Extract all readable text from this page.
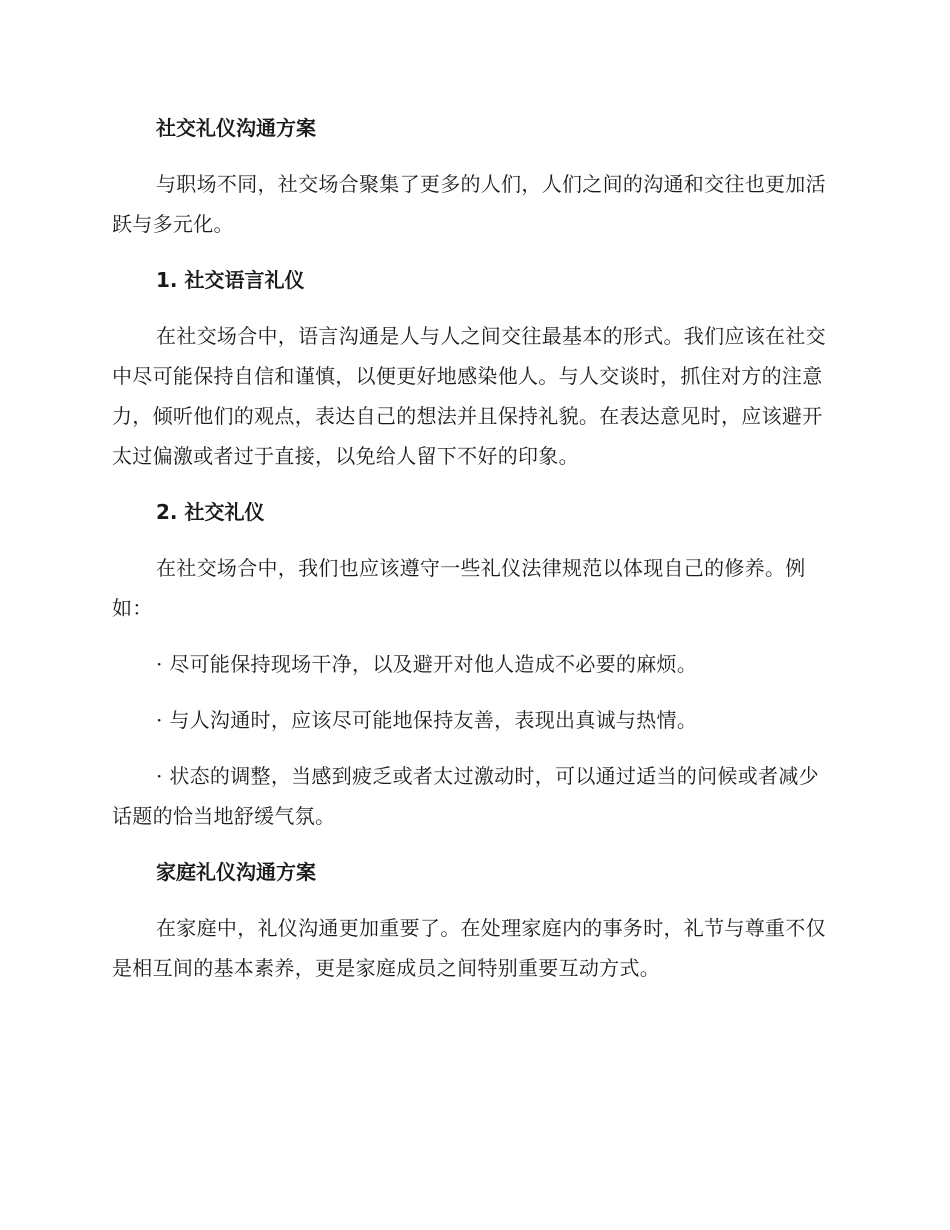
社交礼仪沟通方案

与职场不同，社交场合聚集了更多的人们，人们之间的沟通和交往也更加活跃与多元化。

1. 社交语言礼仪

在社交场合中，语言沟通是人与人之间交往最基本的形式。我们应该在社交中尽可能保持自信和谨慎，以便更好地感染他人。与人交谈时，抓住对方的注意力，倾听他们的观点，表达自己的想法并且保持礼貌。在表达意见时，应该避开太过偏激或者过于直接，以免给人留下不好的印象。

2. 社交礼仪

在社交场合中，我们也应该遵守一些礼仪法律规范以体现自己的修养。例如：

· 尽可能保持现场干净，以及避开对他人造成不必要的麻烦。

· 与人沟通时，应该尽可能地保持友善，表现出真诚与热情。

· 状态的调整，当感到疲乏或者太过激动时，可以通过适当的问候或者减少话题的恰当地舒缓气氛。

家庭礼仪沟通方案

在家庭中，礼仪沟通更加重要了。在处理家庭内的事务时，礼节与尊重不仅是相互间的基本素养，更是家庭成员之间特别重要互动方式。
